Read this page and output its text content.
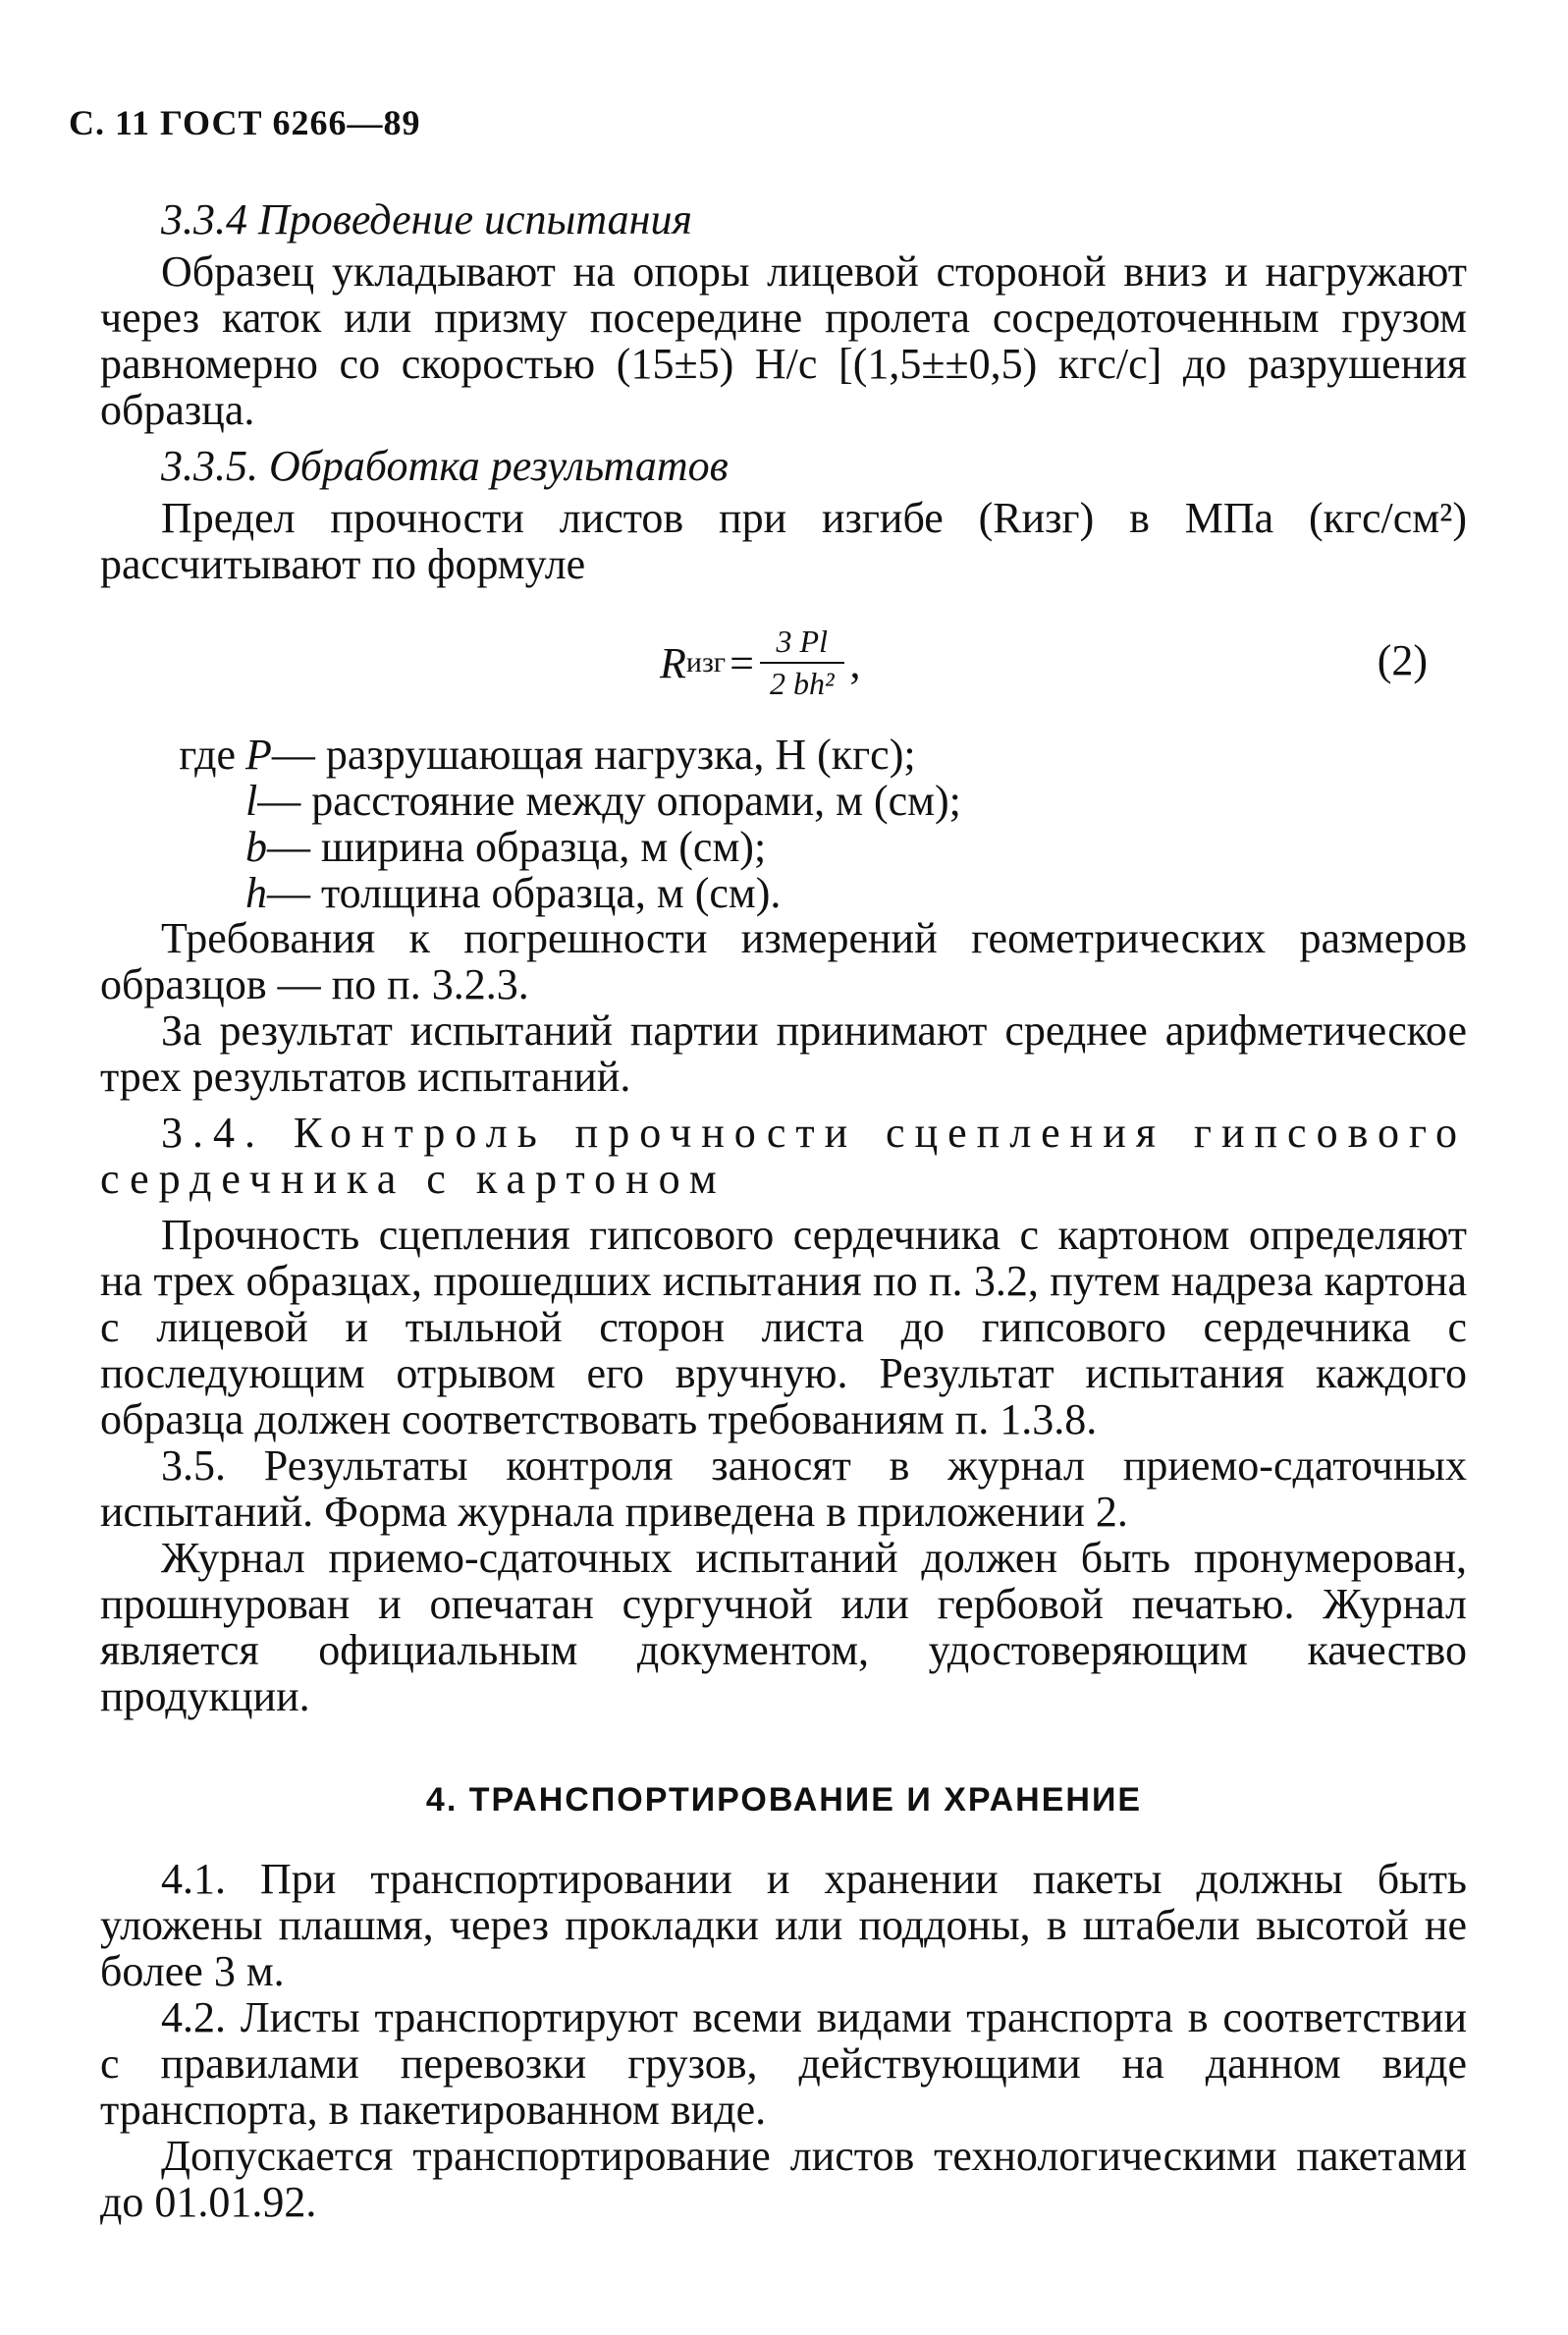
С. 11 ГОСТ 6266—89

3.3.4 Проведение испытания

Образец укладывают на опоры лицевой стороной вниз и нагружают через каток или призму посередине пролета сосредоточенным грузом равномерно со скоростью (15±5) Н/с [(1,5±±0,5) кгс/с] до разрушения образца.

3.3.5. Обработка результатов

Предел прочности листов при изгибе (Rизг) в МПа (кгс/см²) рассчитывают по формуле

R изг = $\frac{3 Pl}{\text{2 bh²}}$ ,	(2)
где P — разрушающая нагрузка, Н (кгс);
l — расстояние между опорами, м (см);
b — ширина образца, м (см);
h — толщина образца, м (см).

Требования к погрешности измерений геометрических размеров образцов — по п. 3.2.3.

За результат испытаний партии принимают среднее арифметическое трех результатов испытаний.

3.4. Контроль прочности сцепления гипсового сердечника с картоном

Прочность сцепления гипсового сердечника с картоном определяют на трех образцах, прошедших испытания по п. 3.2, путем надреза картона с лицевой и тыльной сторон листа до гипсового сердечника с последующим отрывом его вручную. Результат испытания каждого образца должен соответствовать требованиям п. 1.3.8.

3.5. Результаты контроля заносят в журнал приемо-сдаточных испытаний. Форма журнала приведена в приложении 2.

Журнал приемо-сдаточных испытаний должен быть пронумерован, прошнурован и опечатан сургучной или гербовой печатью. Журнал является официальным документом, удостоверяющим качество продукции.

4. ТРАНСПОРТИРОВАНИЕ И ХРАНЕНИЕ

4.1. При транспортировании и хранении пакеты должны быть уложены плашмя, через прокладки или поддоны, в штабели высотой не более 3 м.

4.2. Листы транспортируют всеми видами транспорта в соответствии с правилами перевозки грузов, действующими на данном виде транспорта, в пакетированном виде.

Допускается транспортирование листов технологическими пакетами до 01.01.92.
